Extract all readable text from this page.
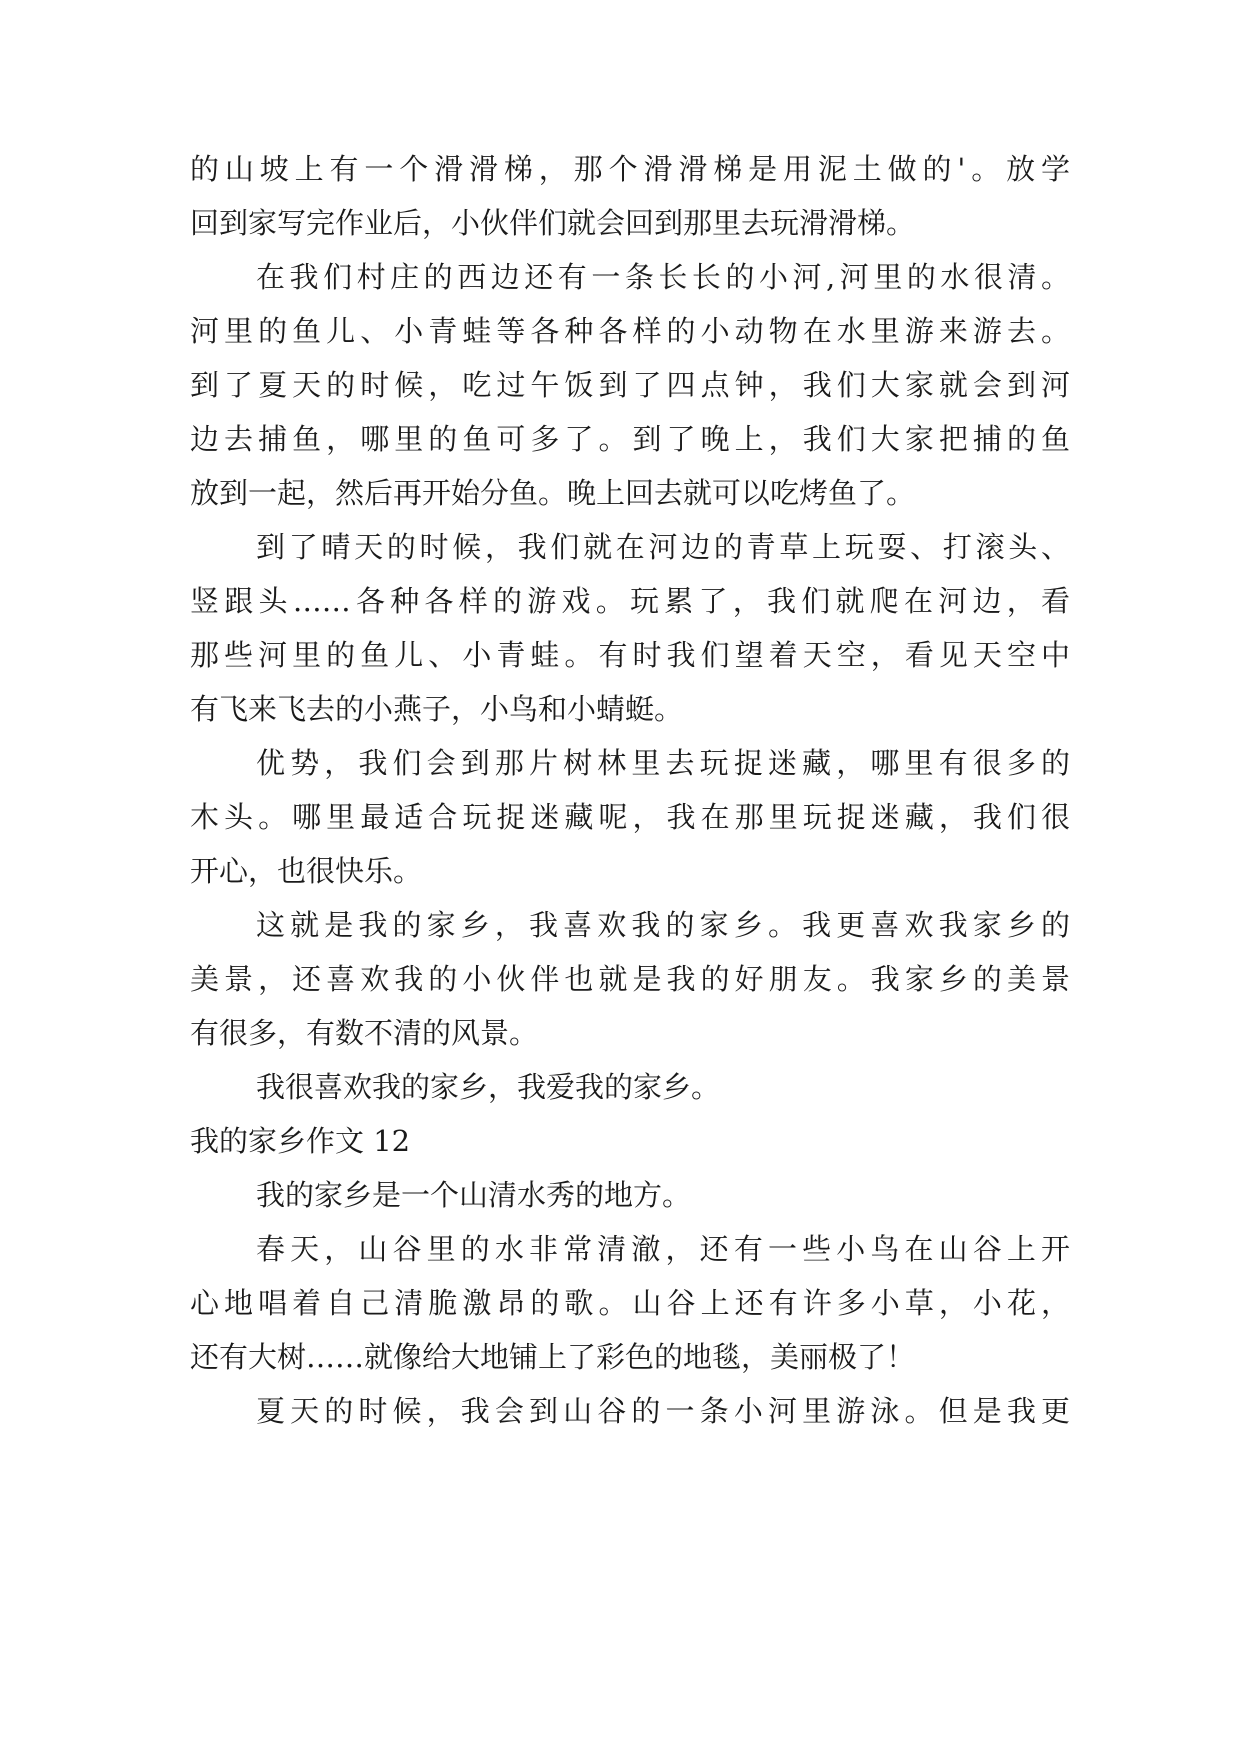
的山坡上有一个滑滑梯，那个滑滑梯是用泥土做的'。放学
回到家写完作业后，小伙伴们就会回到那里去玩滑滑梯。
在我们村庄的西边还有一条长长的小河,河里的水很清。
河里的鱼儿、小青蛙等各种各样的小动物在水里游来游去。
到了夏天的时候，吃过午饭到了四点钟，我们大家就会到河
边去捕鱼，哪里的鱼可多了。到了晚上，我们大家把捕的鱼
放到一起，然后再开始分鱼。晚上回去就可以吃烤鱼了。
到了晴天的时候，我们就在河边的青草上玩耍、打滚头、
竖跟头……各种各样的游戏。玩累了，我们就爬在河边，看
那些河里的鱼儿、小青蛙。有时我们望着天空，看见天空中
有飞来飞去的小燕子，小鸟和小蜻蜓。
优势，我们会到那片树林里去玩捉迷藏，哪里有很多的
木头。哪里最适合玩捉迷藏呢，我在那里玩捉迷藏，我们很
开心，也很快乐。
这就是我的家乡，我喜欢我的家乡。我更喜欢我家乡的
美景，还喜欢我的小伙伴也就是我的好朋友。我家乡的美景
有很多，有数不清的风景。
我很喜欢我的家乡，我爱我的家乡。
我的家乡作文 12
我的家乡是一个山清水秀的地方。
春天，山谷里的水非常清澈，还有一些小鸟在山谷上开
心地唱着自己清脆激昂的歌。山谷上还有许多小草，小花，
还有大树……就像给大地铺上了彩色的地毯，美丽极了！
夏天的时候，我会到山谷的一条小河里游泳。但是我更
